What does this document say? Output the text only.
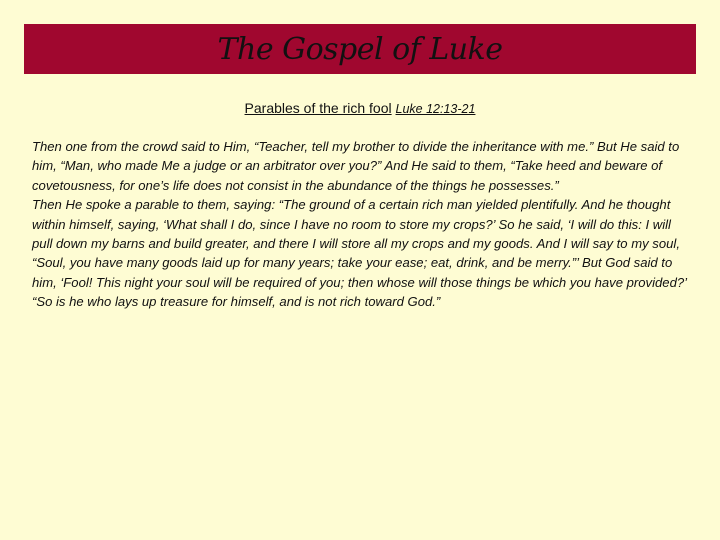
The Gospel of Luke
Parables of the rich fool Luke 12:13-21

Then one from the crowd said to Him, “Teacher, tell my brother to divide the inheritance with me.” But He said to him, “Man, who made Me a judge or an arbitrator over you?” And He said to them, “Take heed and beware of covetousness, for one’s life does not consist in the abundance of the things he possesses.”

Then He spoke a parable to them, saying: “The ground of a certain rich man yielded plentifully. And he thought within himself, saying, ‘What shall I do, since I have no room to store my crops?’ So he said, ‘I will do this: I will pull down my barns and build greater, and there I will store all my crops and my goods. And I will say to my soul, “Soul, you have many goods laid up for many years; take your ease; eat, drink, and be merry.”’ But God said to him, ‘Fool! This night your soul will be required of you; then whose will those things be which you have provided?’

“So is he who lays up treasure for himself, and is not rich toward God.”
